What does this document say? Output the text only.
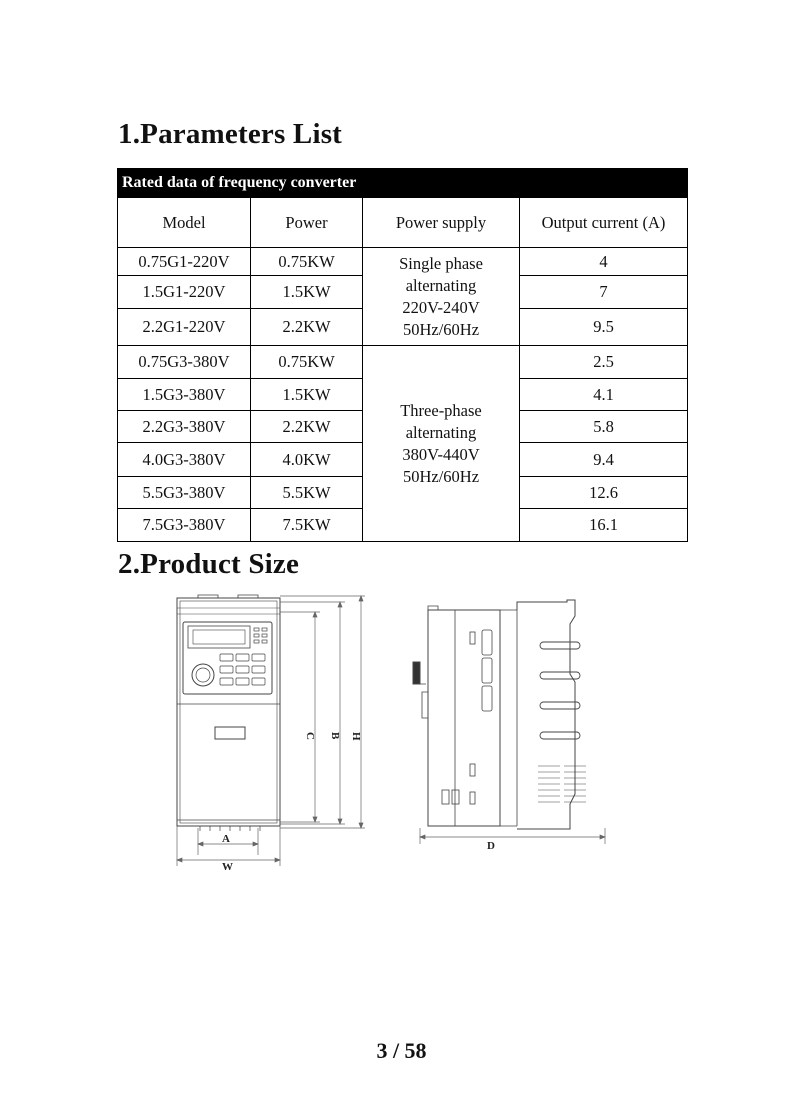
1.Parameters List
Rated data of frequency converter			
Model	Power	Power supply	Output current (A)
0.75G1-220V	0.75KW	Single phase alternating 220V-240V 50Hz/60Hz	4
1.5G1-220V	1.5KW		7
2.2G1-220V	2.2KW		9.5
0.75G3-380V	0.75KW	Three-phase alternating 380V-440V 50Hz/60Hz	2.5
1.5G3-380V	1.5KW		4.1
2.2G3-380V	2.2KW		5.8
4.0G3-380V	4.0KW		9.4
5.5G3-380V	5.5KW		12.6
7.5G3-380V	7.5KW		16.1
2.Product Size
A
W
C B H
D
3 / 58
